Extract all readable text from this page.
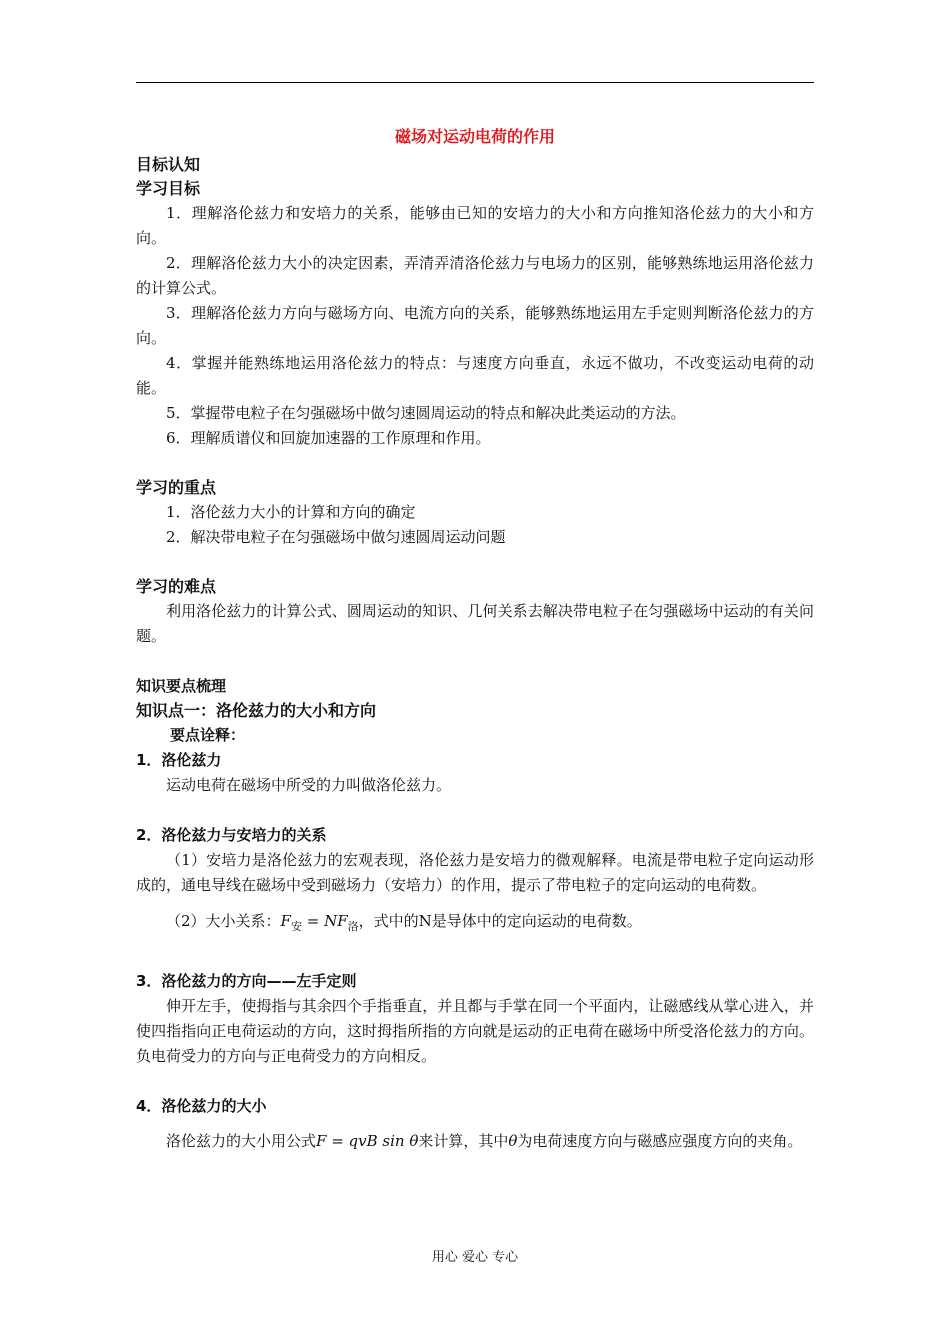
磁场对运动电荷的作用
目标认知
学习目标
1．理解洛伦兹力和安培力的关系，能够由已知的安培力的大小和方向推知洛伦兹力的大小和方向。
2．理解洛伦兹力大小的决定因素，弄清弄清洛伦兹力与电场力的区别，能够熟练地运用洛伦兹力的计算公式。
3．理解洛伦兹力方向与磁场方向、电流方向的关系，能够熟练地运用左手定则判断洛伦兹力的方向。
4．掌握并能熟练地运用洛伦兹力的特点：与速度方向垂直，永远不做功，不改变运动电荷的动能。
5．掌握带电粒子在匀强磁场中做匀速圆周运动的特点和解决此类运动的方法。
6．理解质谱仪和回旋加速器的工作原理和作用。
学习的重点
1．洛伦兹力大小的计算和方向的确定
2．解决带电粒子在匀强磁场中做匀速圆周运动问题
学习的难点
利用洛伦兹力的计算公式、圆周运动的知识、几何关系去解决带电粒子在匀强磁场中运动的有关问题。
知识要点梳理
知识点一：洛伦兹力的大小和方向
要点诠释：
1．洛伦兹力
运动电荷在磁场中所受的力叫做洛伦兹力。
2．洛伦兹力与安培力的关系
（1）安培力是洛伦兹力的宏观表现，洛伦兹力是安培力的微观解释。电流是带电粒子定向运动形成的，通电导线在磁场中受到磁场力（安培力）的作用，提示了带电粒子的定向运动的电荷数。
（2）大小关系：$F_安 = NF_洛$，式中的N是导体中的定向运动的电荷数。
3．洛伦兹力的方向——左手定则
伸开左手，使拇指与其余四个手指垂直，并且都与手掌在同一个平面内，让磁感线从掌心进入，并使四指指向正电荷运动的方向，这时拇指所指的方向就是运动的正电荷在磁场中所受洛伦兹力的方向。负电荷受力的方向与正电荷受力的方向相反。
4．洛伦兹力的大小
洛伦兹力的大小用公式F = qvB sin θ来计算，其中θ为电荷速度方向与磁感应强度方向的夹角。
用心 爱心 专心
